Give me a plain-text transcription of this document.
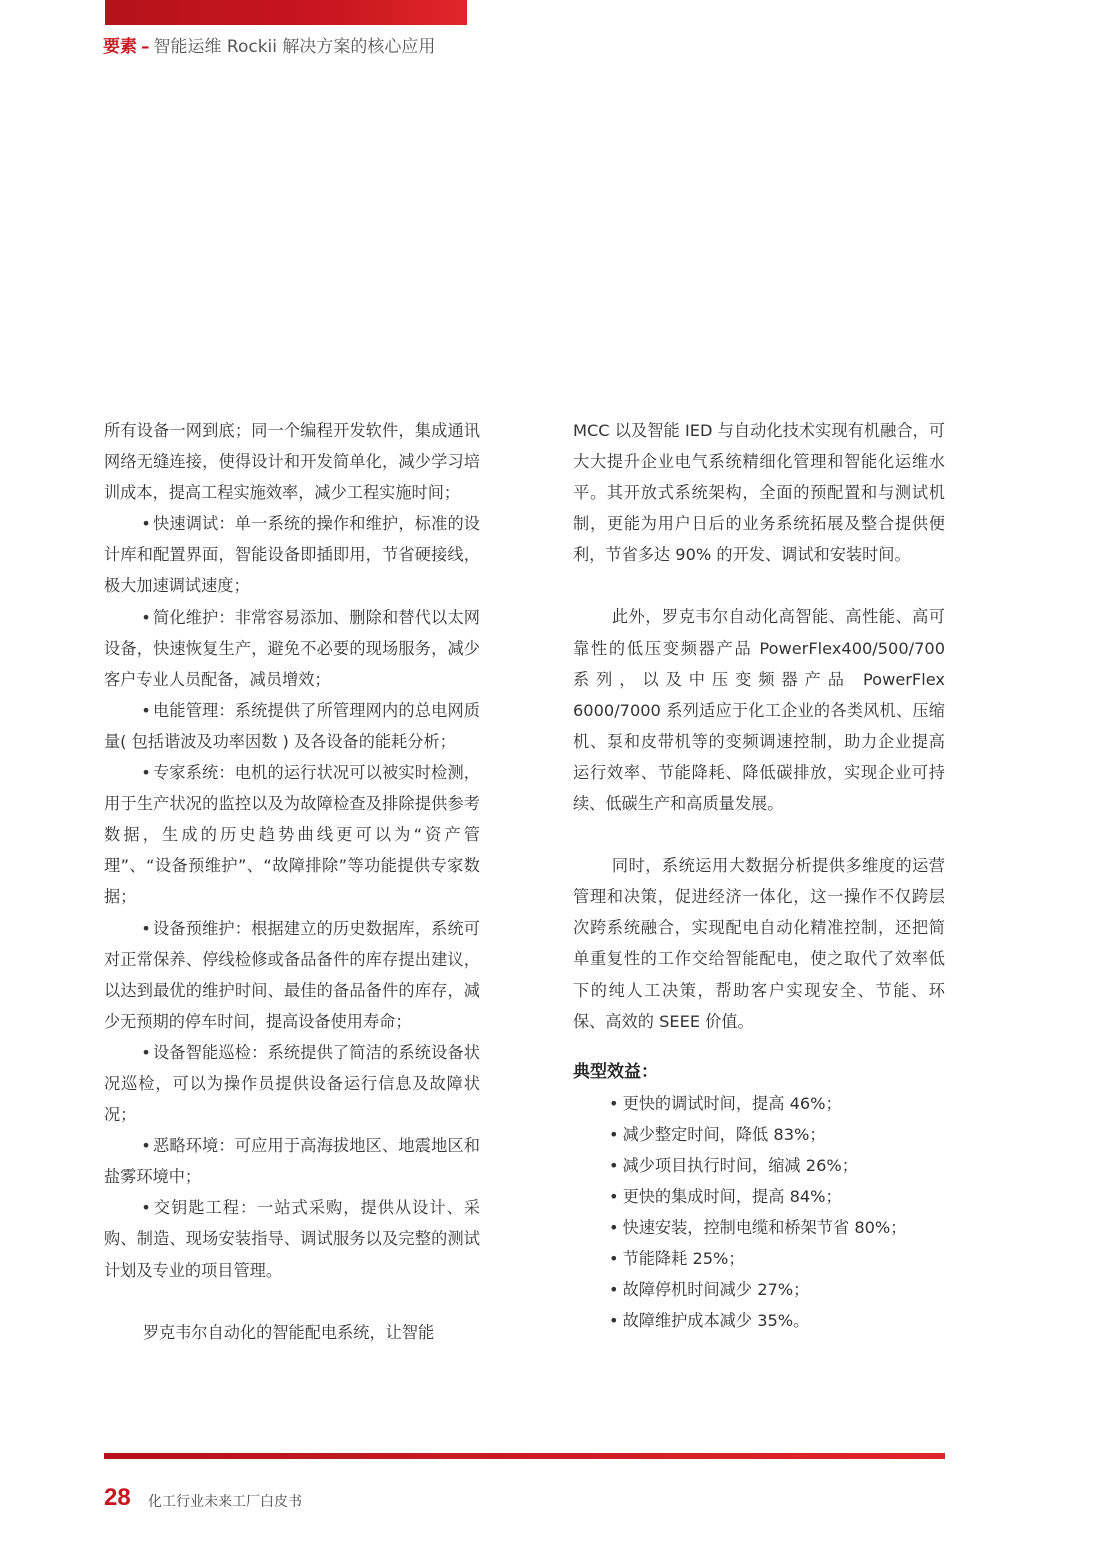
要素 – 智能运维 Rockii 解决方案的核心应用

所有设备一网到底；同一个编程开发软件，集成通讯网络无缝连接，使得设计和开发简单化，减少学习培训成本，提高工程实施效率，减少工程实施时间；

• 快速调试：单一系统的操作和维护，标准的设计库和配置界面，智能设备即插即用，节省硬接线，极大加速调试速度；

• 简化维护：非常容易添加、删除和替代以太网设备，快速恢复生产，避免不必要的现场服务，减少客户专业人员配备，减员增效；

• 电能管理：系统提供了所管理网内的总电网质量( 包括谐波及功率因数 ) 及各设备的能耗分析；

• 专家系统：电机的运行状况可以被实时检测，用于生产状况的监控以及为故障检查及排除提供参考数据，生成的历史趋势曲线更可以为“资产管理”、“设备预维护”、“故障排除”等功能提供专家数据；

• 设备预维护：根据建立的历史数据库，系统可对正常保养、停线检修或备品备件的库存提出建议，以达到最优的维护时间、最佳的备品备件的库存，减少无预期的停车时间，提高设备使用寿命；

• 设备智能巡检：系统提供了简洁的系统设备状况巡检，可以为操作员提供设备运行信息及故障状况；

• 恶略环境：可应用于高海拔地区、地震地区和盐雾环境中；

• 交钥匙工程：一站式采购，提供从设计、采购、制造、现场安装指导、调试服务以及完整的测试计划及专业的项目管理。

罗克韦尔自动化的智能配电系统，让智能

MCC 以及智能 IED 与自动化技术实现有机融合，可大大提升企业电气系统精细化管理和智能化运维水平。其开放式系统架构，全面的预配置和与测试机制，更能为用户日后的业务系统拓展及整合提供便利，节省多达 90% 的开发、调试和安装时间。

此外，罗克韦尔自动化高智能、高性能、高可靠性的低压变频器产品 PowerFlex400/500/700 系列，以及中压变频器产品 PowerFlex 6000/7000 系列适应于化工企业的各类风机、压缩机、泵和皮带机等的变频调速控制，助力企业提高运行效率、节能降耗、降低碳排放，实现企业可持续、低碳生产和高质量发展。

同时，系统运用大数据分析提供多维度的运营管理和决策，促进经济一体化，这一操作不仅跨层次跨系统融合，实现配电自动化精准控制，还把简单重复性的工作交给智能配电，使之取代了效率低下的纯人工决策，帮助客户实现安全、节能、环保、高效的 SEEE 价值。

典型效益：

• 更快的调试时间，提高 46%；
• 减少整定时间，降低 83%；
• 减少项目执行时间，缩减 26%；
• 更快的集成时间，提高 84%；
• 快速安装，控制电缆和桥架节省 80%；
• 节能降耗 25%；
• 故障停机时间减少 27%；
• 故障维护成本减少 35%。
28 化工行业未来工厂白皮书
